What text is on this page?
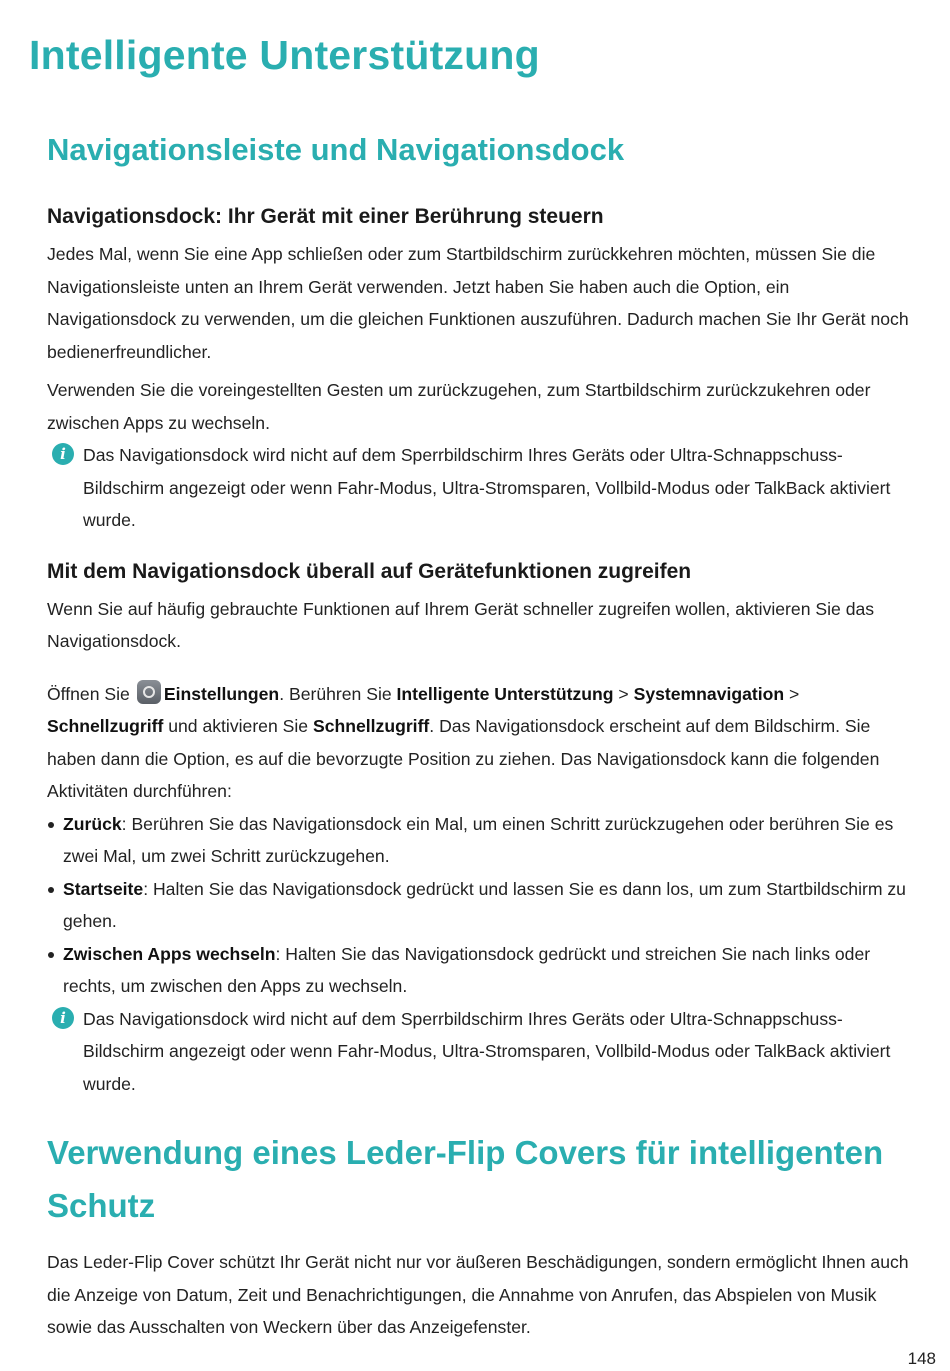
Intelligente Unterstützung
Navigationsleiste und Navigationsdock
Navigationsdock: Ihr Gerät mit einer Berührung steuern

Jedes Mal, wenn Sie eine App schließen oder zum Startbildschirm zurückkehren möchten, müssen Sie die Navigationsleiste unten an Ihrem Gerät verwenden. Jetzt haben Sie haben auch die Option, ein Navigationsdock zu verwenden, um die gleichen Funktionen auszuführen. Dadurch machen Sie Ihr Gerät noch bedienerfreundlicher.

Verwenden Sie die voreingestellten Gesten um zurückzugehen, zum Startbildschirm zurückzukehren oder zwischen Apps zu wechseln.

i Das Navigationsdock wird nicht auf dem Sperrbildschirm Ihres Geräts oder Ultra-Schnappschuss-Bildschirm angezeigt oder wenn Fahr-Modus, Ultra-Stromsparen, Vollbild-Modus oder TalkBack aktiviert wurde.

Mit dem Navigationsdock überall auf Gerätefunktionen zugreifen

Wenn Sie auf häufig gebrauchte Funktionen auf Ihrem Gerät schneller zugreifen wollen, aktivieren Sie das Navigationsdock.

Öffnen Sie Einstellungen. Berühren Sie Intelligente Unterstützung > Systemnavigation > Schnellzugriff und aktivieren Sie Schnellzugriff. Das Navigationsdock erscheint auf dem Bildschirm. Sie haben dann die Option, es auf die bevorzugte Position zu ziehen. Das Navigationsdock kann die folgenden Aktivitäten durchführen:

Zurück: Berühren Sie das Navigationsdock ein Mal, um einen Schritt zurückzugehen oder berühren Sie es zwei Mal, um zwei Schritt zurückzugehen.
Startseite: Halten Sie das Navigationsdock gedrückt und lassen Sie es dann los, um zum Startbildschirm zu gehen.
Zwischen Apps wechseln: Halten Sie das Navigationsdock gedrückt und streichen Sie nach links oder rechts, um zwischen den Apps zu wechseln.

i Das Navigationsdock wird nicht auf dem Sperrbildschirm Ihres Geräts oder Ultra-Schnappschuss-Bildschirm angezeigt oder wenn Fahr-Modus, Ultra-Stromsparen, Vollbild-Modus oder TalkBack aktiviert wurde.

Verwendung eines Leder-Flip Covers für intelligenten Schutz

Das Leder-Flip Cover schützt Ihr Gerät nicht nur vor äußeren Beschädigungen, sondern ermöglicht Ihnen auch die Anzeige von Datum, Zeit und Benachrichtigungen, die Annahme von Anrufen, das Abspielen von Musik sowie das Ausschalten von Weckern über das Anzeigefenster.

148
